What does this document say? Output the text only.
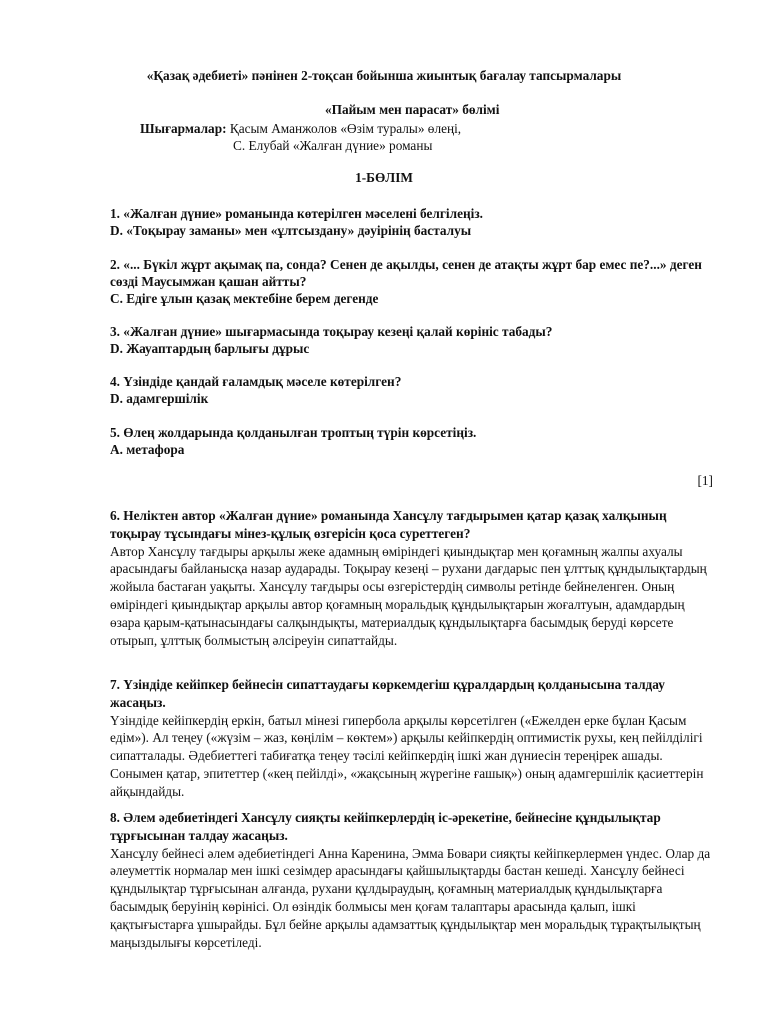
«Қазақ әдебиеті» пәнінен 2-тоқсан бойынша жиынтық бағалау тапсырмалары
«Пайым мен парасат» бөлімі
Шығармалар: Қасым Аманжолов «Өзім туралы» өлеңі,
С. Елубай «Жалған дүние» романы
1-БӨЛІМ
1. «Жалған дүние» романында көтерілген мәселені белгілеңіз.
D. «Тоқырау заманы» мен «ұлтсыздану» дәуірінің басталуы
2. «... Бүкіл жұрт ақымақ па, сонда? Сенен де ақылды, сенен де атақты жұрт бар емес пе?...» деген сөзді Маусымжан қашан айтты?
C. Едіге ұлын қазақ мектебіне берем дегенде
3. «Жалған дүние» шығармасында тоқырау кезеңі қалай көрініс табады?
D. Жауаптардың барлығы дұрыс
4. Үзіндіде қандай ғаламдық мәселе көтерілген?
D. адамгершілік
5. Өлең жолдарында қолданылған троптың түрін көрсетіңіз.
A. метафора
[1]
6. Неліктен автор «Жалған дүние» романында Хансұлу тағдырымен қатар қазақ халқының тоқырау тұсындағы мінез-құлық өзгерісін қоса суреттеген?
Автор Хансұлу тағдыры арқылы жеке адамның өміріндегі қиындықтар мен қоғамның жалпы ахуалы арасындағы байланысқа назар аударады. Тоқырау кезеңі – рухани дағдарыс пен ұлттық құндылықтардың жойыла бастаған уақыты. Хансұлу тағдыры осы өзгерістердің символы ретінде бейнеленген. Оның өміріндегі қиындықтар арқылы автор қоғамның моральдық құндылықтарын жоғалтуын, адамдардың өзара қарым-қатынасындағы салқындықты, материалдық құндылықтарға басымдық беруді көрсете отырып, ұлттық болмыстың әлсіреуін сипаттайды.
7. Үзіндіде кейіпкер бейнесін сипаттаудағы көркемдегіш құралдардың қолданысына талдау жасаңыз.
Үзіндіде кейіпкердің еркін, батыл мінезі гипербола арқылы көрсетілген («Ежелден ерке бұлан Қасым едім»). Ал теңеу («жүзім – жаз, көңілім – көктем») арқылы кейіпкердің оптимистік рухы, кең пейілділігі сипатталады. Әдебиеттегі табиғатқа теңеу тәсілі кейіпкердің ішкі жан дүниесін тереңірек ашады. Сонымен қатар, эпитеттер («кең пейілді», «жақсының жүрегіне ғашық») оның адамгершілік қасиеттерін айқындайды.
8. Әлем әдебиетіндегі Хансұлу сияқты кейіпкерлердің іс-әрекетіне, бейнесіне құндылықтар тұрғысынан талдау жасаңыз.
Хансұлу бейнесі әлем әдебиетіндегі Анна Каренина, Эмма Бовари сияқты кейіпкерлермен үндес. Олар да әлеуметтік нормалар мен ішкі сезімдер арасындағы қайшылықтарды бастан кешеді. Хансұлу бейнесі құндылықтар тұрғысынан алғанда, рухани құлдыраудың, қоғамның материалдық құндылықтарға басымдық беруінің көрінісі. Ол өзіндік болмысы мен қоғам талаптары арасында қалып, ішкі қақтығыстарға ұшырайды. Бұл бейне арқылы адамзаттық құндылықтар мен моральдық тұрақтылықтың маңыздылығы көрсетіледі.
